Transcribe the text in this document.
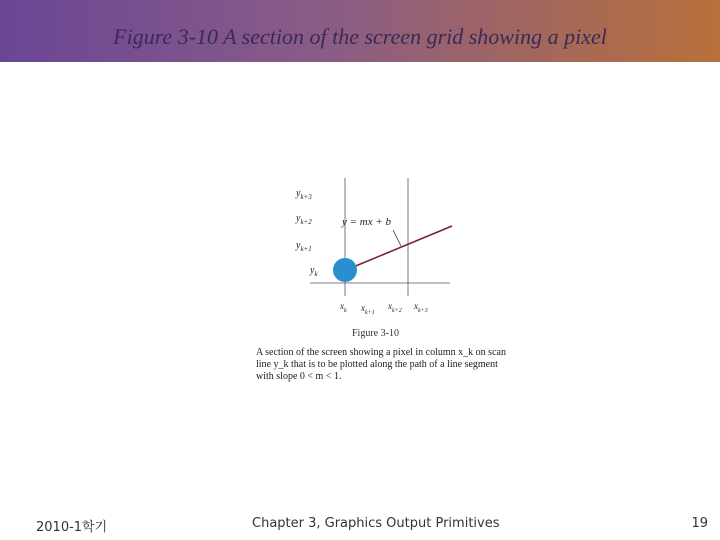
Figure 3-10 A section of the screen grid showing a pixel
$y_{k+3}$
$y_{k+2}$
$y_{k+1}$
$y_k$
y = mx + b
$x_k$ $x_{k+1}$
$x_{k+2}$ $x_{k+3}$
Figure 3-10
A section of the screen showing a pixel in column x_k on scan line y_k that is to be plotted along the path of a line segment with slope 0 < m < 1.
2010-1학기	Chapter 3, Graphics Output Primitives	19
